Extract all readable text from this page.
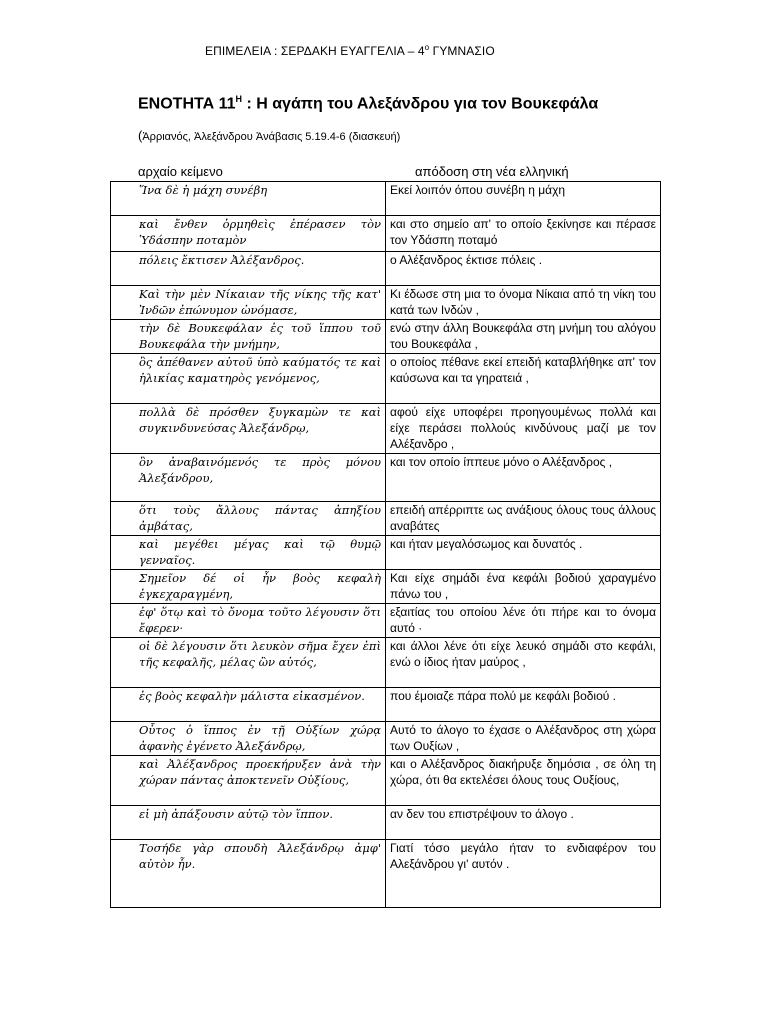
ΕΠΙΜΕΛΕΙΑ : ΣΕΡΔΑΚΗ ΕΥΑΓΓΕΛΙΑ – $4^o$ ΓΥΜΝΑΣΙΟ
ΕΝΟΤΗΤΑ $11^H$ : Η αγάπη του Αλεξάνδρου για τον Βουκεφάλα
(Ἀρριανός, Ἀλεξάνδρου Ἀνάβασις 5.19.4-6 (διασκευή)
αρχαίο κείμενο	απόδοση στη νέα ελληνική
Ἵνα δὲ ἡ μάχη συνέβη	Εκεί λοιπόν όπου συνέβη η μάχη
καὶ ἔνθεν ὁρμηθεὶς ἐπέρασεν τὸν Ὑδάσπην ποταμὸν	και στο σημείο απ' το οποίο ξεκίνησε και πέρασε τον Υδάσπη ποταμό
πόλεις ἔκτισεν Ἀλέξανδρος.	ο Αλέξανδρος έκτισε πόλεις .
Καὶ τὴν μὲν Νίκαιαν τῆς νίκης τῆς κατ' Ἰνδῶν ἐπώνυμον ὠνόμασε,	Κι έδωσε στη μια το όνομα Νίκαια από τη νίκη του κατά των Ινδών ,
τὴν δὲ Βουκεφάλαν ἐς τοῦ ἵππου τοῦ Βουκεφάλα τὴν μνήμην,	ενώ στην άλλη Βουκεφάλα στη μνήμη του αλόγου του Βουκεφάλα ,
ὃς ἀπέθανεν αὐτοῦ ὑπὸ καύματός τε καὶ ἡλικίας καματηρὸς γενόμενος,	ο οποίος πέθανε εκεί επειδή καταβλήθηκε απ' τον καύσωνα και τα γηρατειά ,
πολλὰ δὲ πρόσθεν ξυγκαμὼν τε καὶ συγκινδυνεύσας Ἀλεξάνδρῳ,	αφού είχε υποφέρει προηγουμένως πολλά και είχε περάσει πολλούς κινδύνους μαζί με τον Αλέξανδρο ,
ὃν ἀναβαινόμενός τε πρὸς μόνου Ἀλεξάνδρου,	και τον οποίο ίππευε μόνο ο Αλέξανδρος ,
ὅτι τοὺς ἄλλους πάντας ἀπηξίου ἀμβάτας,	επειδή απέρριπτε ως ανάξιους όλους τους άλλους αναβάτες
καὶ μεγέθει μέγας καὶ τῷ θυμῷ γενναῖος.	και ήταν μεγαλόσωμος και δυνατός .
Σημεῖον δέ οἱ ἦν βοὸς κεφαλὴ ἐγκεχαραγμένη,	Και είχε σημάδι ένα κεφάλι βοδιού χαραγμένο πάνω του ,
ἐφ' ὅτῳ καὶ τὸ ὄνομα τοῦτο λέγουσιν ὅτι ἔφερεν·	εξαιτίας του οποίου λένε ότι πήρε και το όνομα αυτό ·
οἱ δὲ λέγουσιν ὅτι λευκὸν σῆμα ἔχεν ἐπὶ τῆς κεφαλῆς, μέλας ὢν αὐτός,	και άλλοι λένε ότι είχε λευκό σημάδι στο κεφάλι, ενώ ο ίδιος ήταν μαύρος ,
ἐς βοὸς κεφαλὴν μάλιστα εἰκασμένον.	που έμοιαζε πάρα πολύ με κεφάλι βοδιού .
Οὗτος ὁ ἵππος ἐν τῇ Οὐξίων χώρᾳ ἀφανὴς ἐγένετο Ἀλεξάνδρῳ,	Αυτό το άλογο το έχασε ο Αλέξανδρος στη χώρα των Ουξίων ,
καὶ Ἀλέξανδρος προεκήρυξεν ἀνὰ τὴν χώραν πάντας ἀποκτενεῖν Οὐξίους,	και ο Αλέξανδρος διακήρυξε δημόσια , σε όλη τη χώρα, ότι θα εκτελέσει όλους τους Ουξίους,
εἰ μὴ ἀπάξουσιν αὐτῷ τὸν ἵππον.	αν δεν του επιστρέψουν το άλογο .
Τοσήδε γὰρ σπουδὴ Ἀλεξάνδρῳ ἀμφ' αὐτὸν ἦν.	Γιατί τόσο μεγάλο ήταν το ενδιαφέρον του Αλεξάνδρου γι' αυτόν .
